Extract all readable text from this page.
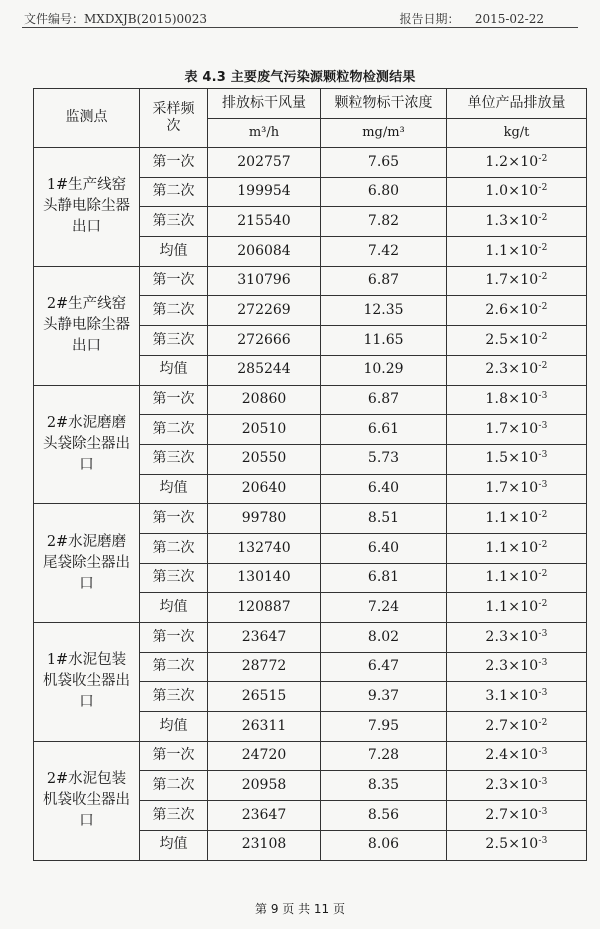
文件编号：MXDXJB(2015)0023	报告日期： 2015-02-22
表 4.3 主要废气污染源颗粒物检测结果
监测点	采样频次	排放标干风量	颗粒物标干浓度	单位产品排放量
		m³/h	mg/m³	kg/t
1#生产线窑头静电除尘器出口	第一次	202757	7.65	$1.2\times 10^{-2}$
	第二次	199954	6.80	$1.0\times 10^{-2}$
	第三次	215540	7.82	$1.3\times 10^{-2}$
	均值	206084	7.42	$1.1\times 10^{-2}$
2#生产线窑头静电除尘器出口	第一次	310796	6.87	$1.7\times 10^{-2}$
	第二次	272269	12.35	$2.6\times 10^{-2}$
	第三次	272666	11.65	$2.5\times 10^{-2}$
	均值	285244	10.29	$2.3\times 10^{-2}$
2#水泥磨磨头袋除尘器出口	第一次	20860	6.87	$1.8\times 10^{-3}$
	第二次	20510	6.61	$1.7\times 10^{-3}$
	第三次	20550	5.73	$1.5\times 10^{-3}$
	均值	20640	6.40	$1.7\times 10^{-3}$
2#水泥磨磨尾袋除尘器出口	第一次	99780	8.51	$1.1\times 10^{-2}$
	第二次	132740	6.40	$1.1\times 10^{-2}$
	第三次	130140	6.81	$1.1\times 10^{-2}$
	均值	120887	7.24	$1.1\times 10^{-2}$
1#水泥包装机袋收尘器出口	第一次	23647	8.02	$2.3\times 10^{-3}$
	第二次	28772	6.47	$2.3\times 10^{-3}$
	第三次	26515	9.37	$3.1\times 10^{-3}$
	均值	26311	7.95	$2.7\times 10^{-2}$
2#水泥包装机袋收尘器出口	第一次	24720	7.28	$2.4\times 10^{-3}$
	第二次	20958	8.35	$2.3\times 10^{-3}$
	第三次	23647	8.56	$2.7\times 10^{-3}$
	均值	23108	8.06	$2.5\times 10^{-3}$
第 9 页 共 11 页
